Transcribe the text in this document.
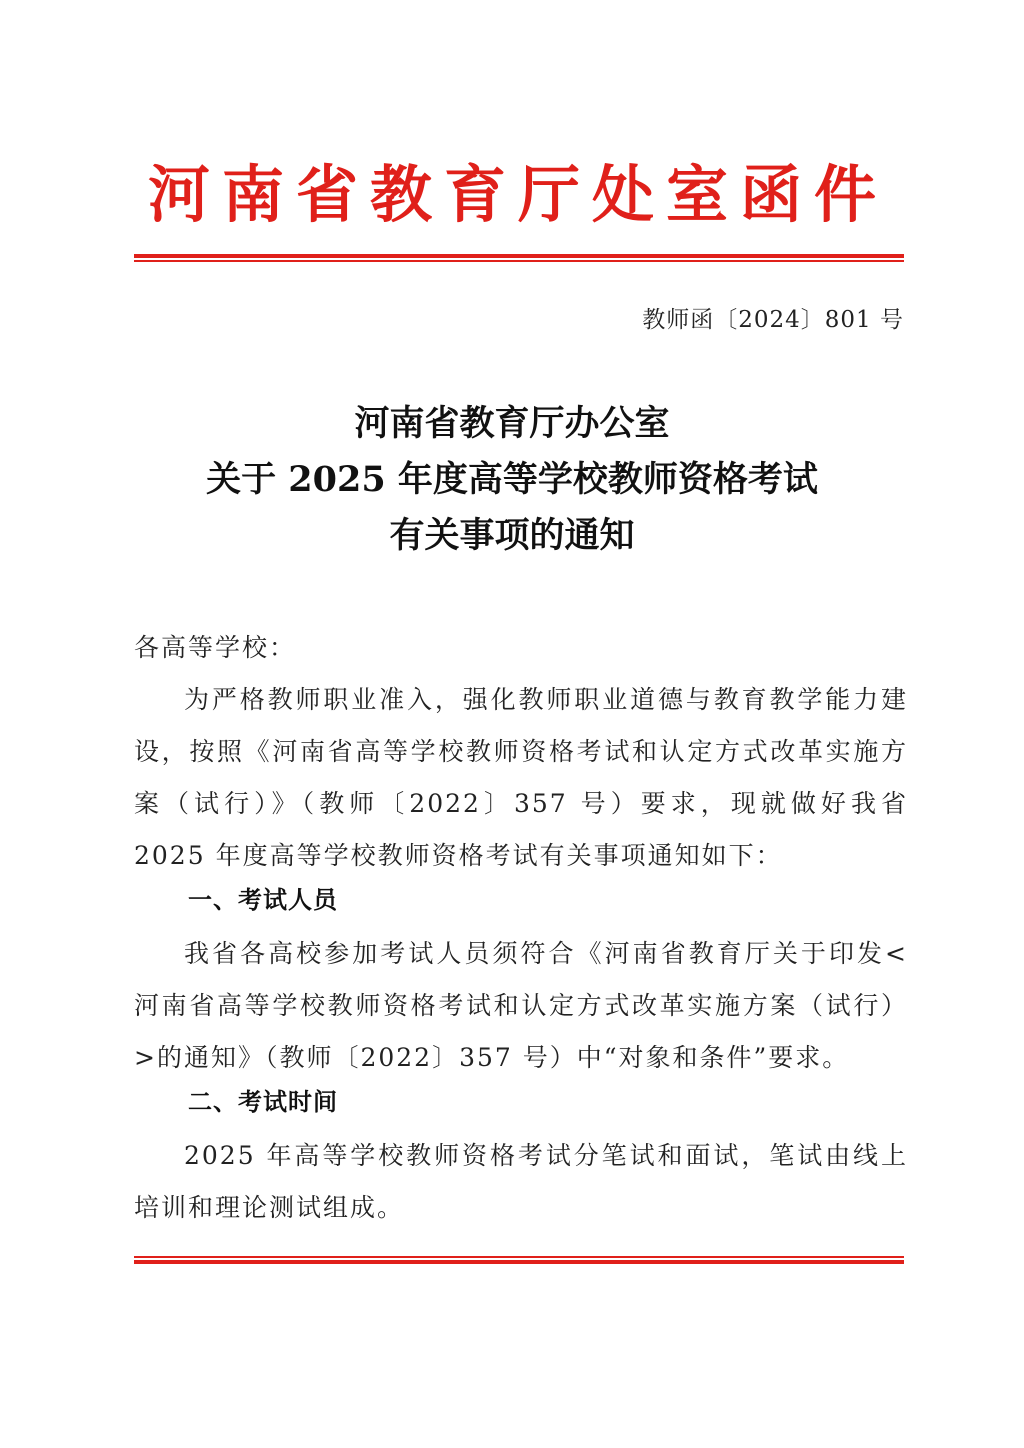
河南省教育厅处室函件
教师函〔2024〕801 号
河南省教育厅办公室
关于 2025 年度高等学校教师资格考试
有关事项的通知
各高等学校：
为严格教师职业准入，强化教师职业道德与教育教学能力建设，按照《河南省高等学校教师资格考试和认定方式改革实施方案（试行）》（教师〔2022〕357 号）要求，现就做好我省 2025 年度高等学校教师资格考试有关事项通知如下：
一、考试人员
我省各高校参加考试人员须符合《河南省教育厅关于印发<河南省高等学校教师资格考试和认定方式改革实施方案（试行）>的通知》（教师〔2022〕357 号）中“对象和条件”要求。
二、考试时间
2025 年高等学校教师资格考试分笔试和面试，笔试由线上培训和理论测试组成。
